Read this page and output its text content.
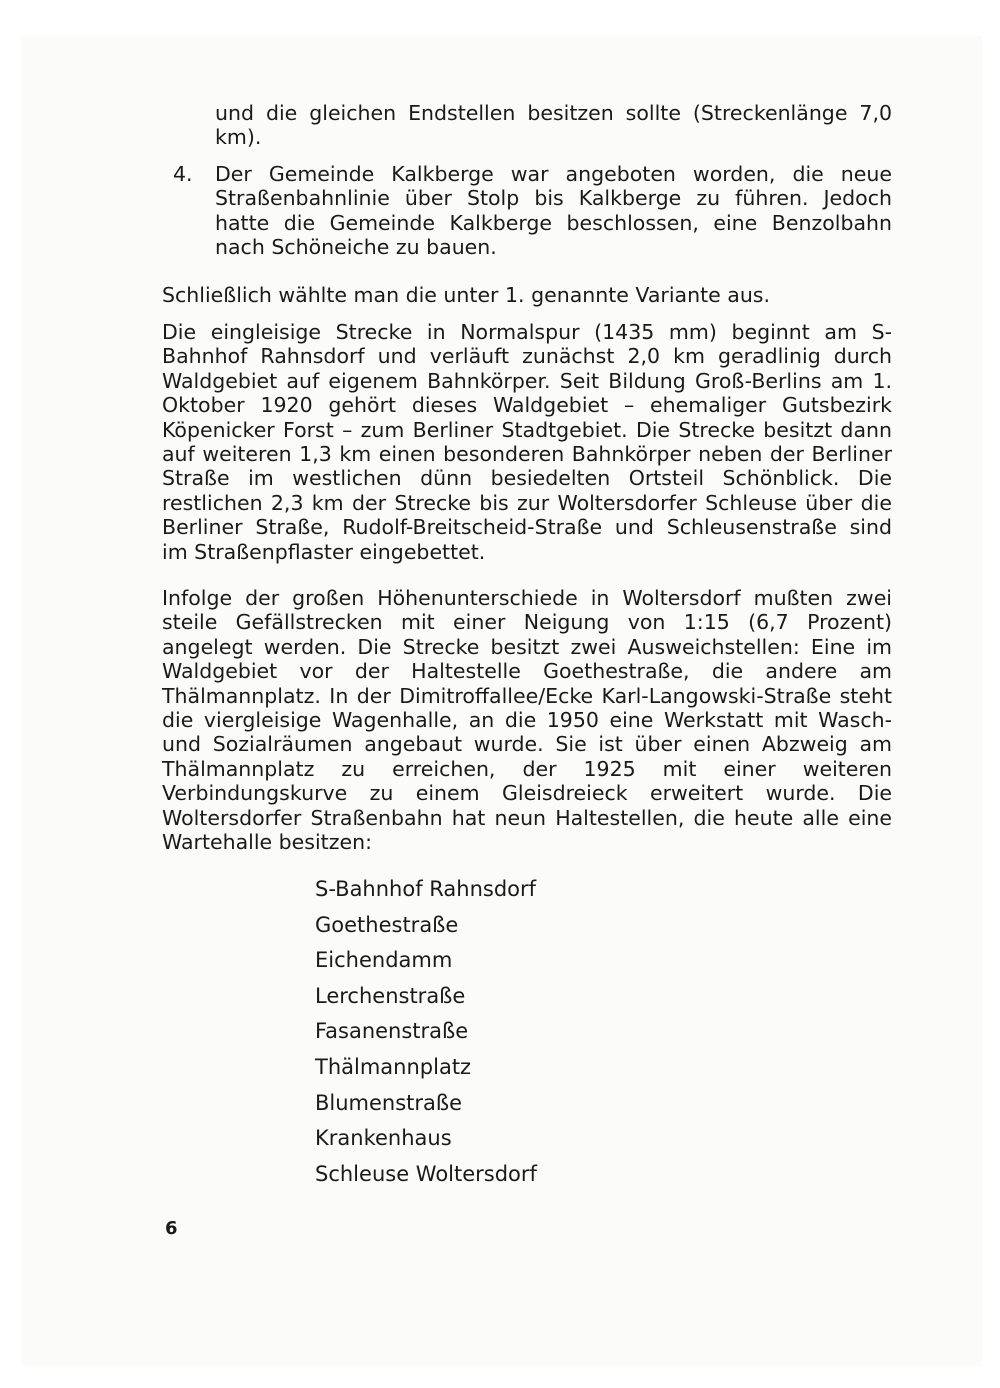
und die gleichen Endstellen besitzen sollte (Streckenlänge 7,0 km).

4. Der Gemeinde Kalkberge war angeboten worden, die neue Straßenbahnlinie über Stolp bis Kalkberge zu führen. Jedoch hatte die Gemeinde Kalkberge beschlossen, eine Benzolbahn nach Schöneiche zu bauen.

Schließlich wählte man die unter 1. genannte Variante aus.

Die eingleisige Strecke in Normalspur (1435 mm) beginnt am S-Bahnhof Rahnsdorf und verläuft zunächst 2,0 km geradlinig durch Waldgebiet auf eigenem Bahnkörper. Seit Bildung Groß-Berlins am 1. Oktober 1920 gehört dieses Waldgebiet – ehemaliger Gutsbezirk Köpenicker Forst – zum Berliner Stadtgebiet. Die Strecke besitzt dann auf weiteren 1,3 km einen besonderen Bahnkörper neben der Berliner Straße im westlichen dünn besiedelten Ortsteil Schönblick. Die restlichen 2,3 km der Strecke bis zur Woltersdorfer Schleuse über die Berliner Straße, Rudolf-Breitscheid-Straße und Schleusenstraße sind im Straßenpflaster eingebettet.

Infolge der großen Höhenunterschiede in Woltersdorf mußten zwei steile Gefällstrecken mit einer Neigung von 1:15 (6,7 Prozent) angelegt werden. Die Strecke besitzt zwei Ausweichstellen: Eine im Waldgebiet vor der Haltestelle Goethestraße, die andere am Thälmannplatz. In der Dimitroffallee/Ecke Karl-Langowski-Straße steht die viergleisige Wagenhalle, an die 1950 eine Werkstatt mit Wasch- und Sozialräumen angebaut wurde. Sie ist über einen Abzweig am Thälmannplatz zu erreichen, der 1925 mit einer weiteren Verbindungskurve zu einem Gleisdreieck erweitert wurde. Die Woltersdorfer Straßenbahn hat neun Haltestellen, die heute alle eine Wartehalle besitzen:

S-Bahnhof Rahnsdorf
Goethestraße
Eichendamm
Lerchenstraße
Fasanenstraße
Thälmannplatz
Blumenstraße
Krankenhaus
Schleuse Woltersdorf
6
